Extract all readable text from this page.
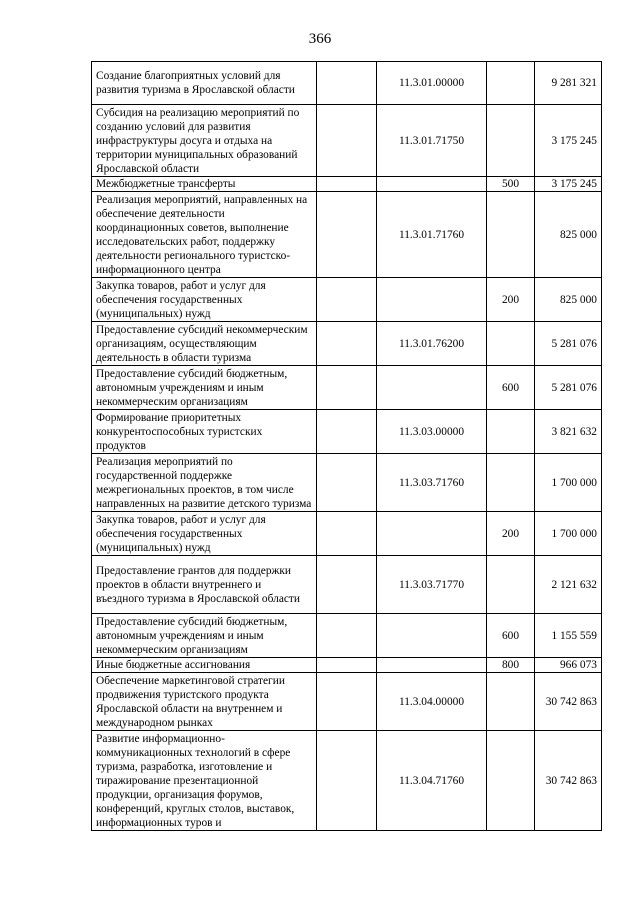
366
Создание благоприятных условий для развития туризма в Ярославской области		11.3.01.00000		9 281 321
Субсидия на реализацию мероприятий по созданию условий для развития инфраструктуры досуга и отдыха на территории муниципальных образований Ярославской области		11.3.01.71750		3 175 245
Межбюджетные трансферты			500	3 175 245
Реализация мероприятий, направленных на обеспечение деятельности координационных советов, выполнение исследовательских работ, поддержку деятельности регионального туристско-информационного центра		11.3.01.71760		825 000
Закупка товаров, работ и услуг для обеспечения государственных (муниципальных) нужд			200	825 000
Предоставление субсидий некоммерческим организациям, осуществляющим деятельность в области туризма		11.3.01.76200		5 281 076
Предоставление субсидий бюджетным, автономным учреждениям и иным некоммерческим организациям			600	5 281 076
Формирование приоритетных конкурентоспособных туристских продуктов		11.3.03.00000		3 821 632
Реализация мероприятий по государственной поддержке межрегиональных проектов, в том числе направленных на развитие детского туризма		11.3.03.71760		1 700 000
Закупка товаров, работ и услуг для обеспечения государственных (муниципальных) нужд			200	1 700 000
Предоставление грантов для поддержки проектов в области внутреннего и въездного туризма в Ярославской области		11.3.03.71770		2 121 632
Предоставление субсидий бюджетным, автономным учреждениям и иным некоммерческим организациям			600	1 155 559
Иные бюджетные ассигнования			800	966 073
Обеспечение маркетинговой стратегии продвижения туристского продукта Ярославской области на внутреннем и международном рынках		11.3.04.00000		30 742 863
Развитие информационно-коммуникационных технологий в сфере туризма, разработка, изготовление и тиражирование презентационной продукции, организация форумов, конференций, круглых столов, выставок, информационных туров и		11.3.04.71760		30 742 863
